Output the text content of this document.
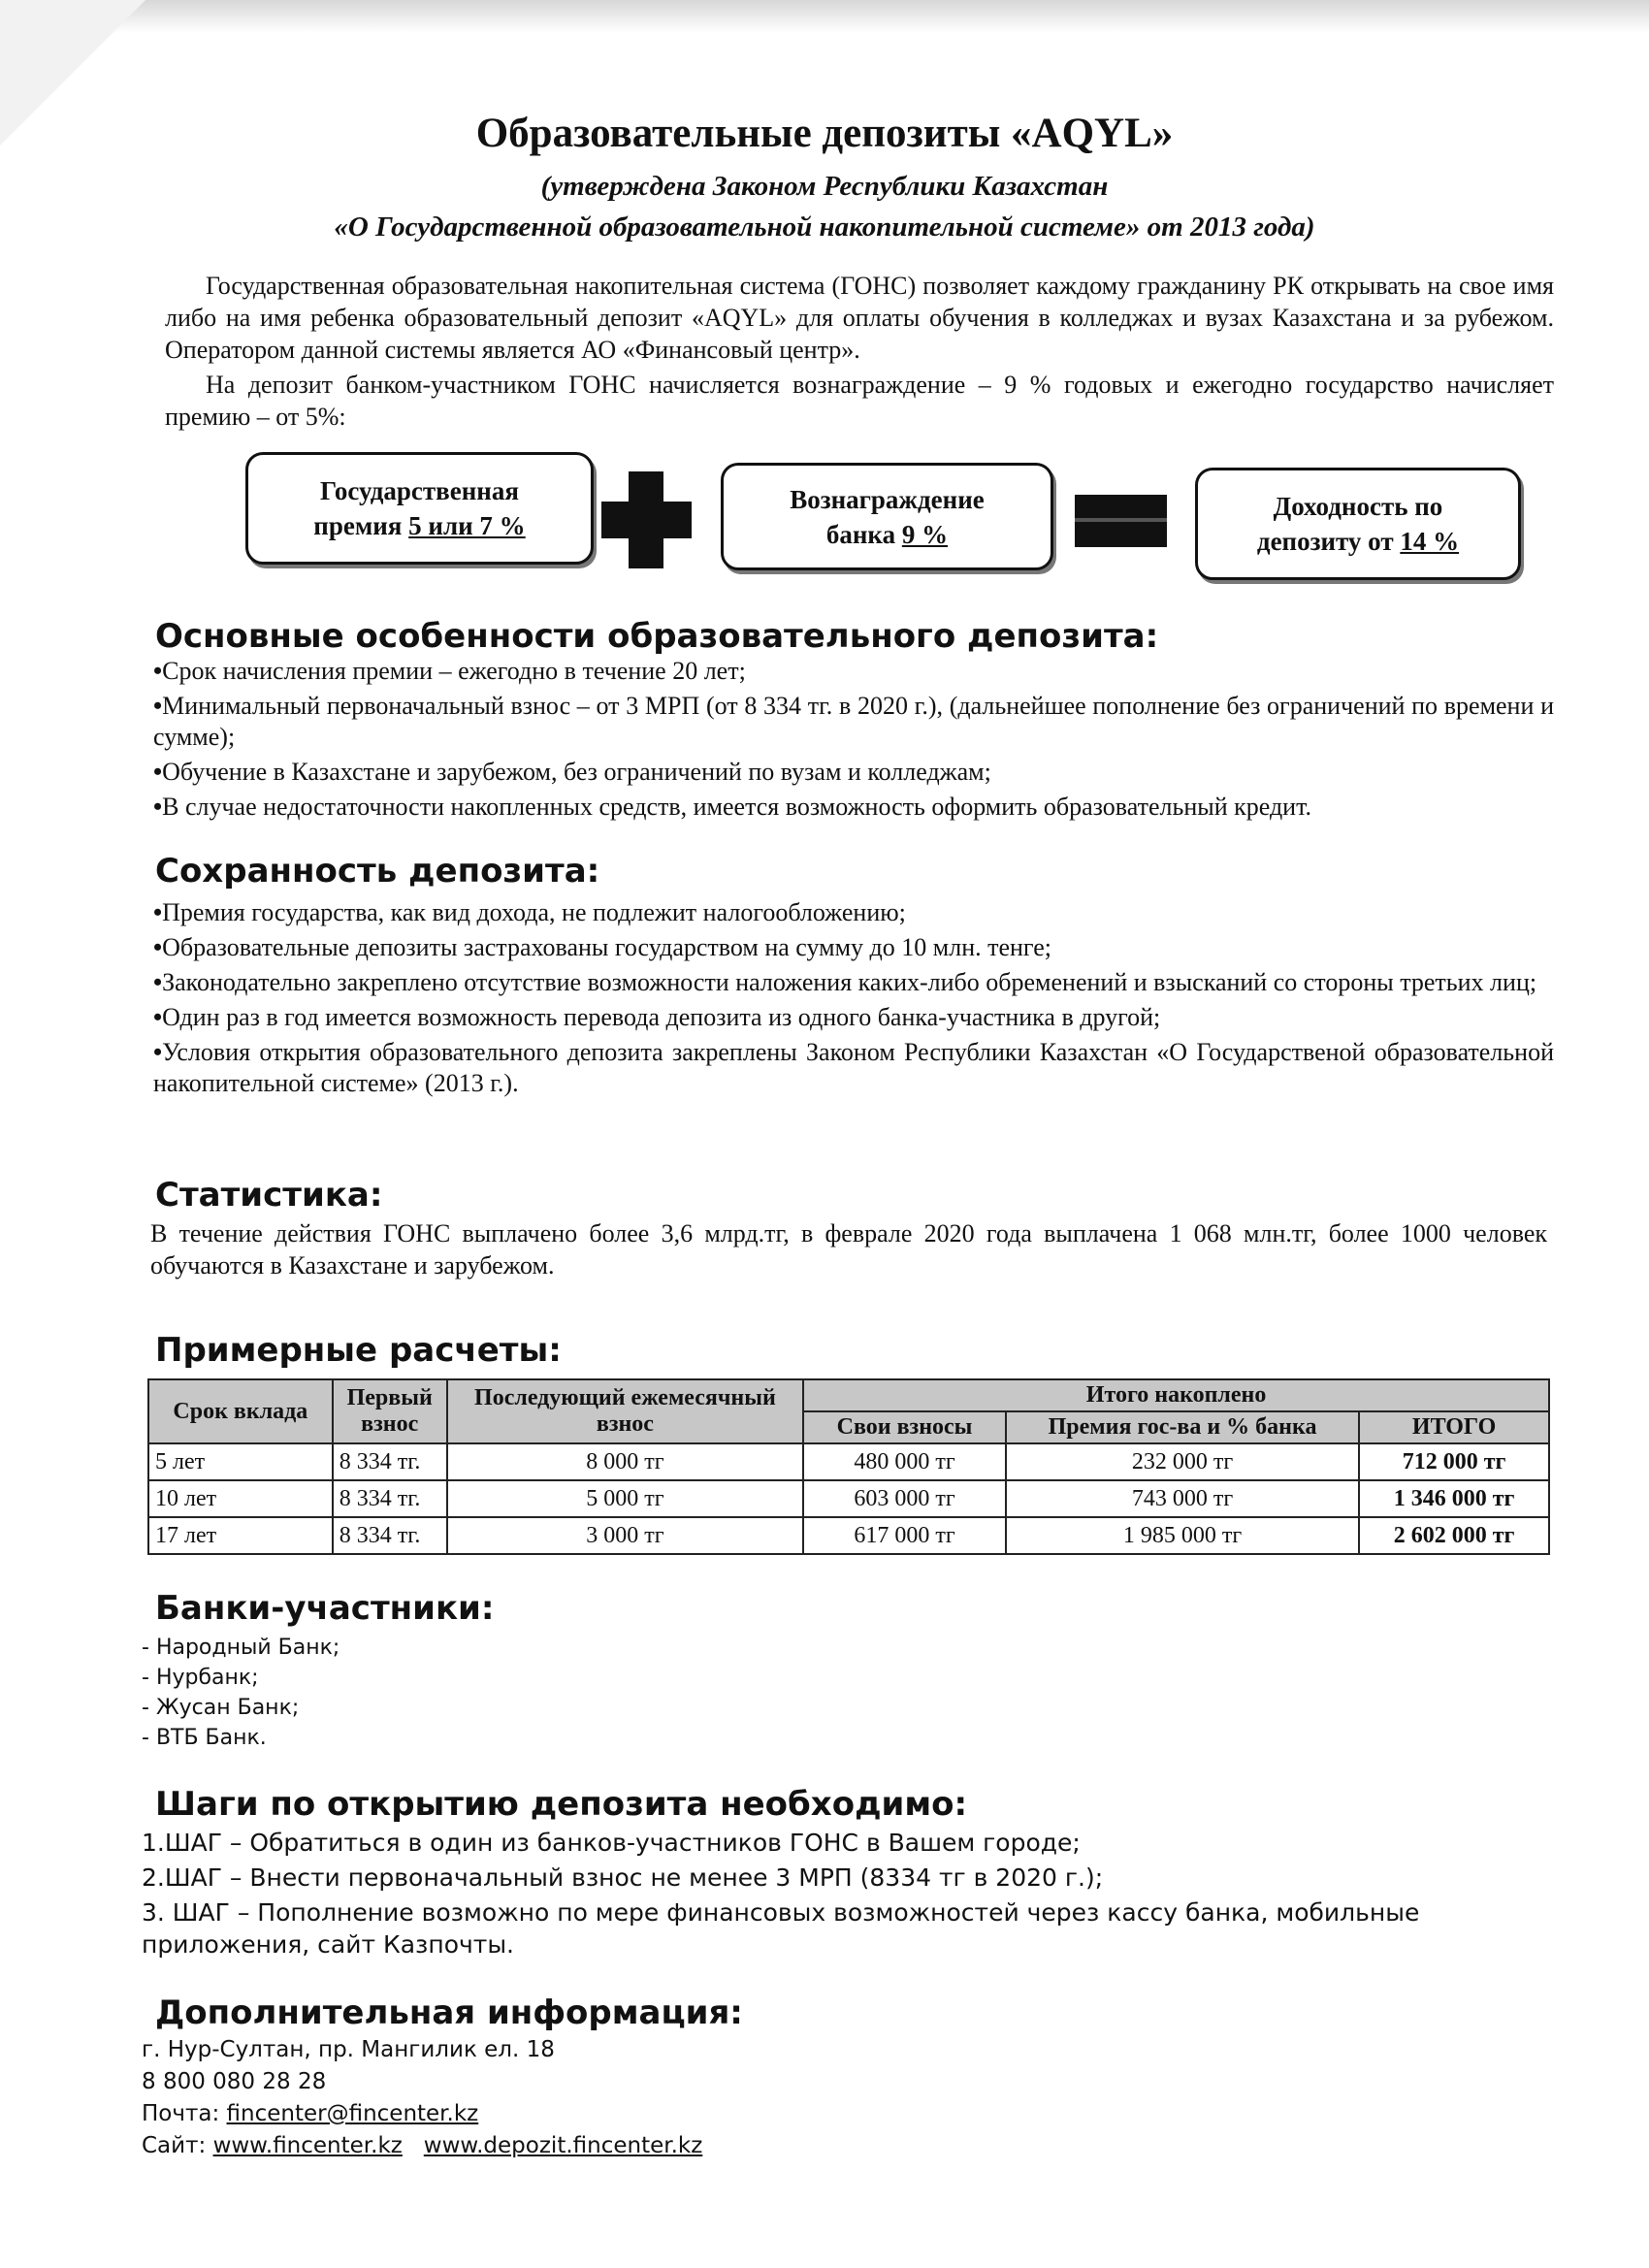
Образовательные депозиты «AQYL»
(утверждена Законом Республики Казахстан
«О Государственной образовательной накопительной системе» от 2013 года)
Государственная образовательная накопительная система (ГОНС) позволяет каждому гражданину РК открывать на свое имя либо на имя ребенка образовательный депозит «AQYL» для оплаты обучения в колледжах и вузах Казахстана и за рубежом. Оператором данной системы является АО «Финансовый центр».
На депозит банком-участником ГОНС начисляется вознаграждение – 9 % годовых и ежегодно государство начисляет премию – от 5%:
Государственная
премия 5 или 7 %
Вознаграждение
банка 9 %
Доходность по
депозиту от 14 %
Основные особенности образовательного депозита:
• Срок начисления премии – ежегодно в течение 20 лет;
• Минимальный первоначальный взнос – от 3 МРП (от 8 334 тг. в 2020 г.), (дальнейшее пополнение без ограничений по времени и сумме);
• Обучение в Казахстане и зарубежом, без ограничений по вузам и колледжам;
• В случае недостаточности накопленных средств, имеется возможность оформить образовательный кредит.
Сохранность депозита:
• Премия государства, как вид дохода, не подлежит налогообложению;
• Образовательные депозиты застрахованы государством на сумму до 10 млн. тенге;
• Законодательно закреплено отсутствие возможности наложения каких-либо обременений и взысканий со стороны третьих лиц;
• Один раз в год имеется возможность перевода депозита из одного банка-участника в другой;
• Условия открытия образовательного депозита закреплены Законом Республики Казахстан «О Государственой образовательной накопительной системе» (2013 г.).
Статистика:
В течение действия ГОНС выплачено более 3,6 млрд.тг, в феврале 2020 года выплачена 1 068 млн.тг, более 1000 человек обучаются в Казахстане и зарубежом.
Примерные расчеты:
Срок вклада	Первый взнос	Последующий ежемесячный взнос	Итого накоплено		
			Свои взносы	Премия гос-ва и % банка	ИТОГО
5 лет	8 334 тг.	8 000 тг	480 000 тг	232 000 тг	712 000 тг
10 лет	8 334 тг.	5 000 тг	603 000 тг	743 000 тг	1 346 000 тг
17 лет	8 334 тг.	3 000 тг	617 000 тг	1 985 000 тг	2 602 000 тг
Банки-участники:
- Народный Банк;
- Нурбанк;
- Жусан Банк;
- ВТБ Банк.
Шаги по открытию депозита необходимо:
1.ШАГ – Обратиться в один из банков-участников ГОНС в Вашем городе;
2.ШАГ – Внести первоначальный взнос не менее 3 МРП (8334 тг в 2020 г.);
3. ШАГ – Пополнение возможно по мере финансовых возможностей через кассу банка, мобильные приложения, сайт Казпочты.
Дополнительная информация:
г. Нур-Султан, пр. Мангилик ел. 18
8 800 080 28 28
Почта: fincenter@fincenter.kz
Сайт: www.fincenter.kz www.depozit.fincenter.kz
